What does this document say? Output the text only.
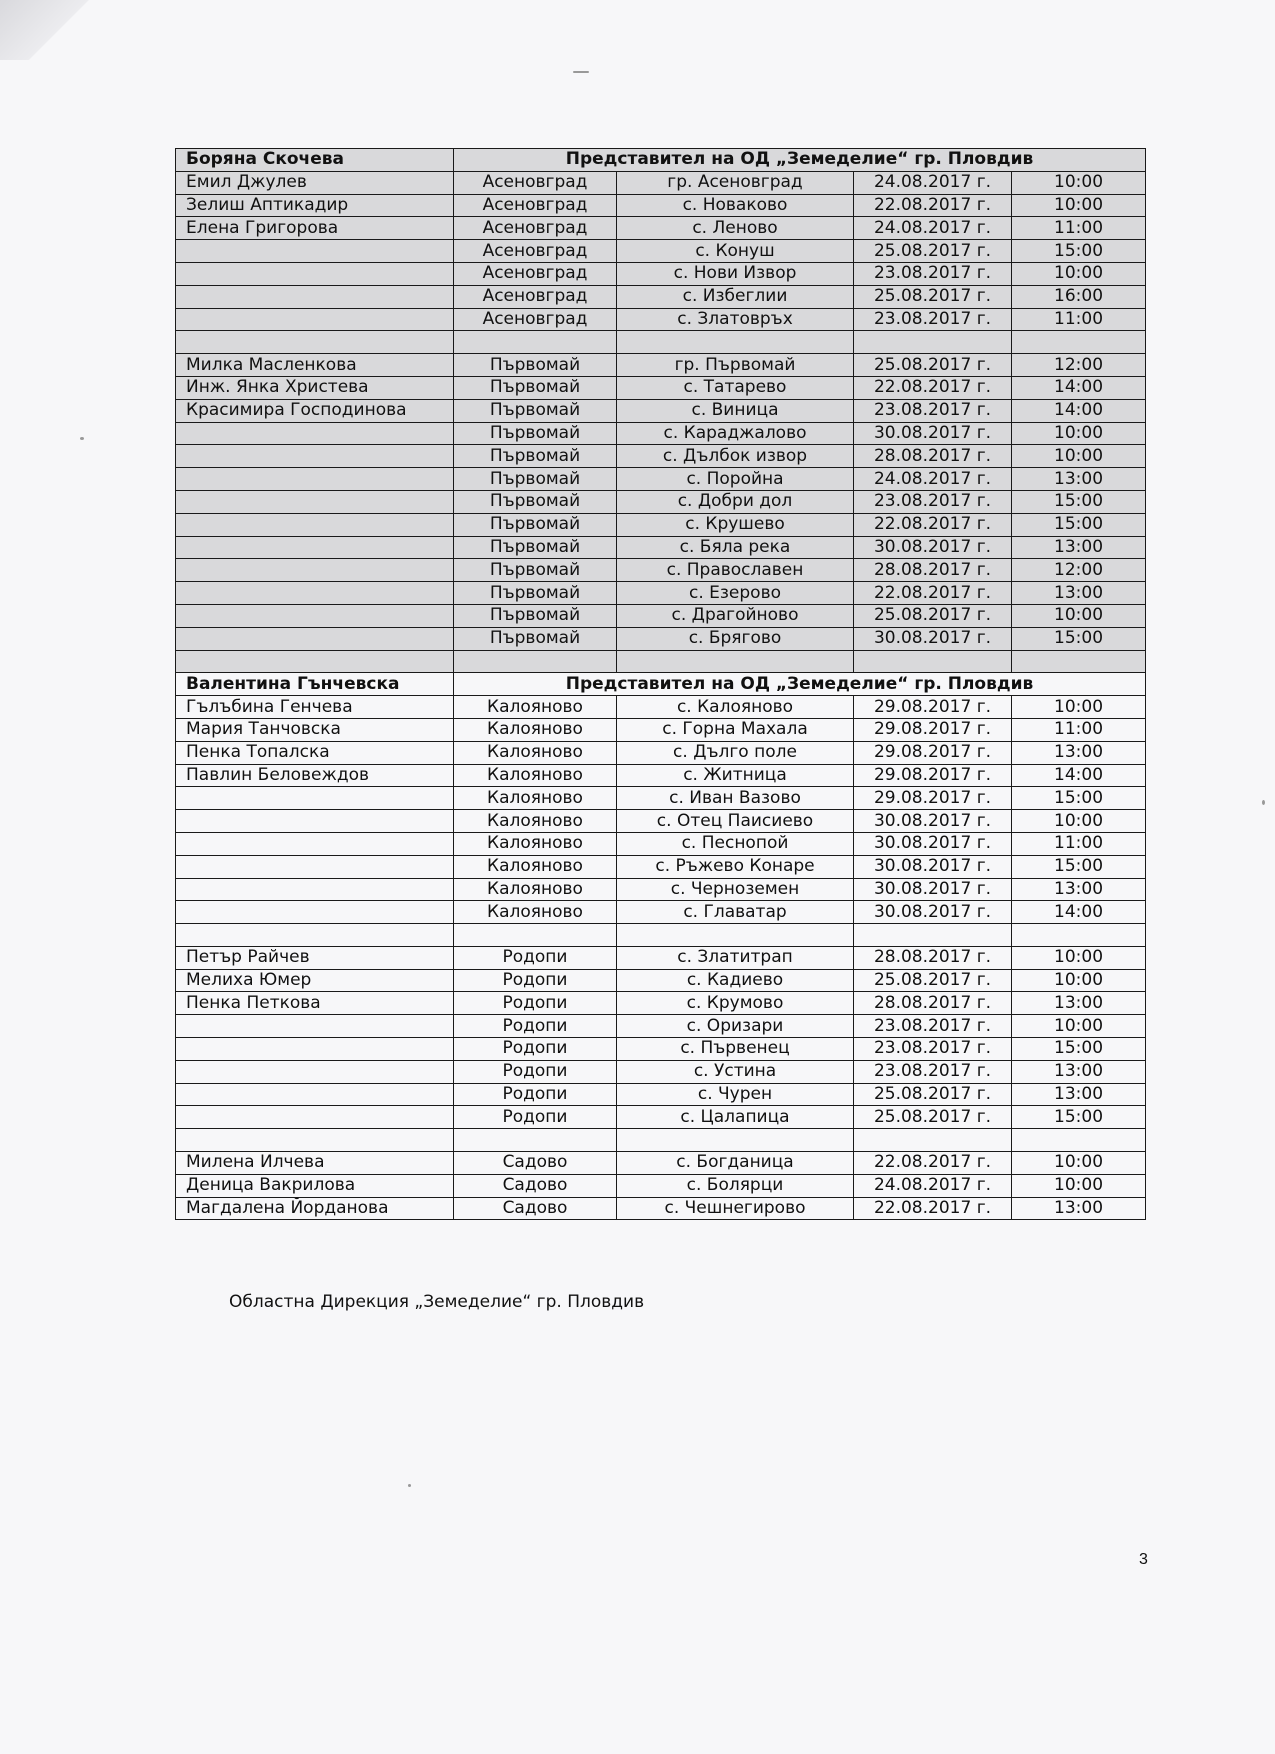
Боряна Скочева	Представител на ОД „Земеделие“ гр. Пловдив			
Емил Джулев	Асеновград	гр. Асеновград	24.08.2017 г.	10:00
Зелиш Аптикадир	Асеновград	с. Новаково	22.08.2017 г.	10:00
Елена Григорова	Асеновград	с. Леново	24.08.2017 г.	11:00
	Асеновград	с. Конуш	25.08.2017 г.	15:00
	Асеновград	с. Нови Извор	23.08.2017 г.	10:00
	Асеновград	с. Избеглии	25.08.2017 г.	16:00
	Асеновград	с. Златовръх	23.08.2017 г.	11:00

Милка Масленкова	Първомай	гр. Първомай	25.08.2017 г.	12:00
Инж. Янка Христева	Първомай	с. Татарево	22.08.2017 г.	14:00
Красимира Господинова	Първомай	с. Виница	23.08.2017 г.	14:00
	Първомай	с. Караджалово	30.08.2017 г.	10:00
	Първомай	с. Дълбок извор	28.08.2017 г.	10:00
	Първомай	с. Поройна	24.08.2017 г.	13:00
	Първомай	с. Добри дол	23.08.2017 г.	15:00
	Първомай	с. Крушево	22.08.2017 г.	15:00
	Първомай	с. Бяла река	30.08.2017 г.	13:00
	Първомай	с. Православен	28.08.2017 г.	12:00
	Първомай	с. Езерово	22.08.2017 г.	13:00
	Първомай	с. Драгойново	25.08.2017 г.	10:00
	Първомай	с. Брягово	30.08.2017 г.	15:00

Валентина Гънчевска	Представител на ОД „Земеделие“ гр. Пловдив			
Гълъбина Генчева	Калояново	с. Калояново	29.08.2017 г.	10:00
Мария Танчовска	Калояново	с. Горна Махала	29.08.2017 г.	11:00
Пенка Топалска	Калояново	с. Дълго поле	29.08.2017 г.	13:00
Павлин Беловеждов	Калояново	с. Житница	29.08.2017 г.	14:00
	Калояново	с. Иван Вазово	29.08.2017 г.	15:00
	Калояново	с. Отец Паисиево	30.08.2017 г.	10:00
	Калояново	с. Песнопой	30.08.2017 г.	11:00
	Калояново	с. Ръжево Конаре	30.08.2017 г.	15:00
	Калояново	с. Черноземен	30.08.2017 г.	13:00
	Калояново	с. Главатар	30.08.2017 г.	14:00

Петър Райчев	Родопи	с. Златитрап	28.08.2017 г.	10:00
Мелиха Юмер	Родопи	с. Кадиево	25.08.2017 г.	10:00
Пенка Петкова	Родопи	с. Крумово	28.08.2017 г.	13:00
	Родопи	с. Оризари	23.08.2017 г.	10:00
	Родопи	с. Първенец	23.08.2017 г.	15:00
	Родопи	с. Устина	23.08.2017 г.	13:00
	Родопи	с. Чурен	25.08.2017 г.	13:00
	Родопи	с. Цалапица	25.08.2017 г.	15:00

Милена Илчева	Садово	с. Богданица	22.08.2017 г.	10:00
Деница Вакрилова	Садово	с. Болярци	24.08.2017 г.	10:00
Магдалена Йорданова	Садово	с. Чешнегирово	22.08.2017 г.	13:00
Областна Дирекция „Земеделие“ гр. Пловдив
3
